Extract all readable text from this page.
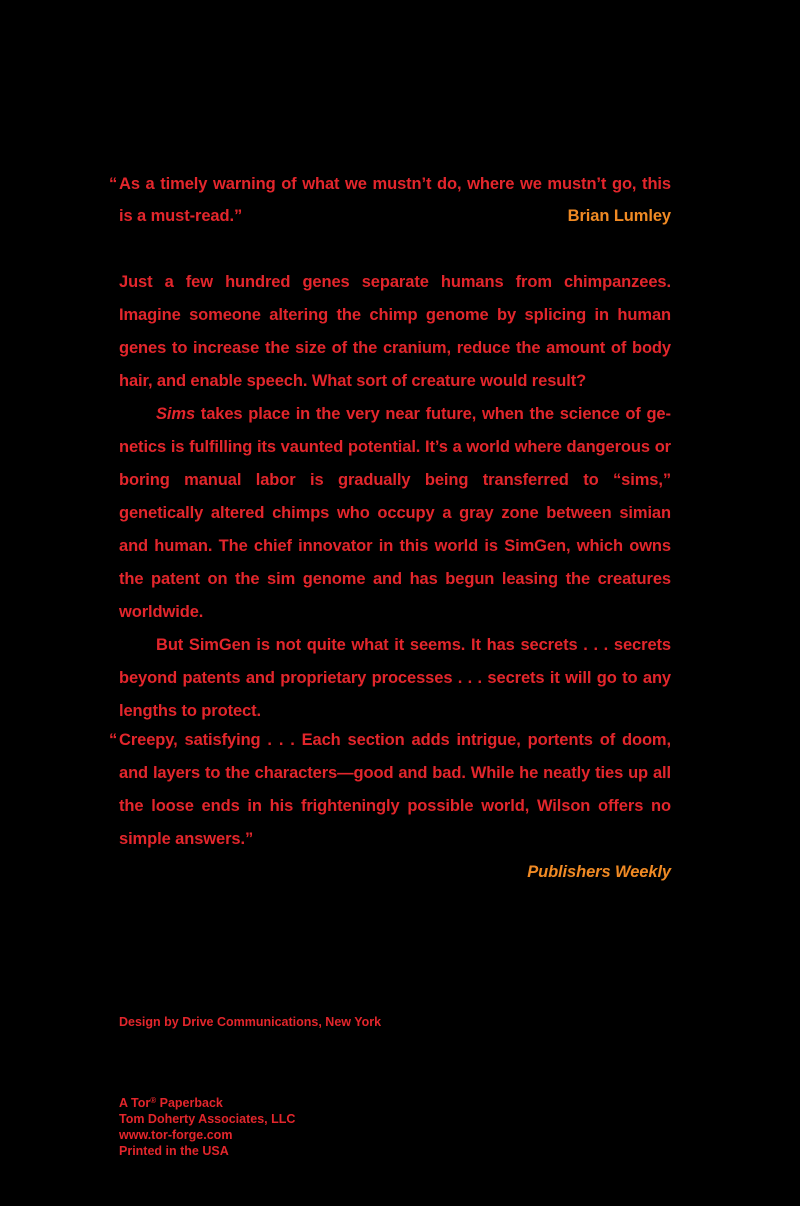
“ As a timely warning of what we mustn’t do, where we mustn’t go, this is a must-read.”	Brian Lumley

Just a few hundred genes separate humans from chimpanzees. Imagine someone altering the chimp genome by splicing in human genes to increase the size of the cranium, reduce the amount of body hair, and enable speech. What sort of creature would result?

Sims takes place in the very near future, when the science of genetics is fulfilling its vaunted potential. It’s a world where dangerous or boring manual labor is gradually being transferred to “sims,” genetically altered chimps who occupy a gray zone between simian and human. The chief innovator in this world is SimGen, which owns the patent on the sim genome and has begun leasing the creatures worldwide.

But SimGen is not quite what it seems. It has secrets . . . secrets beyond patents and proprietary processes . . . secrets it will go to any lengths to protect.

“ Creepy, satisfying . . . Each section adds intrigue, portents of doom, and layers to the characters—good and bad. While he neatly ties up all the loose ends in his frighteningly possible world, Wilson offers no simple answers.”
Publishers Weekly
Design by Drive Communications, New York
A Tor® Paperback
Tom Doherty Associates, LLC
www.tor-forge.com
Printed in the USA
